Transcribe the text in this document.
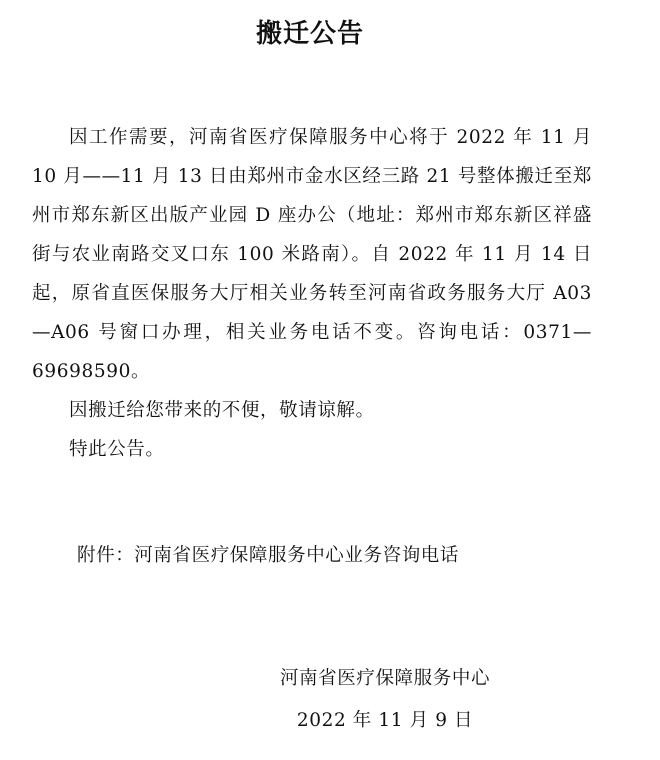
搬迁公告

因工作需要，河南省医疗保障服务中心将于 2022 年 11 月 10 月——11 月 13 日由郑州市金水区经三路 21 号整体搬迁至郑州市郑东新区出版产业园 D 座办公（地址：郑州市郑东新区祥盛街与农业南路交叉口东 100 米路南）。自 2022 年 11 月 14 日起，原省直医保服务大厅相关业务转至河南省政务服务大厅 A03—A06 号窗口办理，相关业务电话不变。咨询电话：0371—69698590。

因搬迁给您带来的不便，敬请谅解。

特此公告。

附件：河南省医疗保障服务中心业务咨询电话
河南省医疗保障服务中心
2022 年 11 月 9 日
